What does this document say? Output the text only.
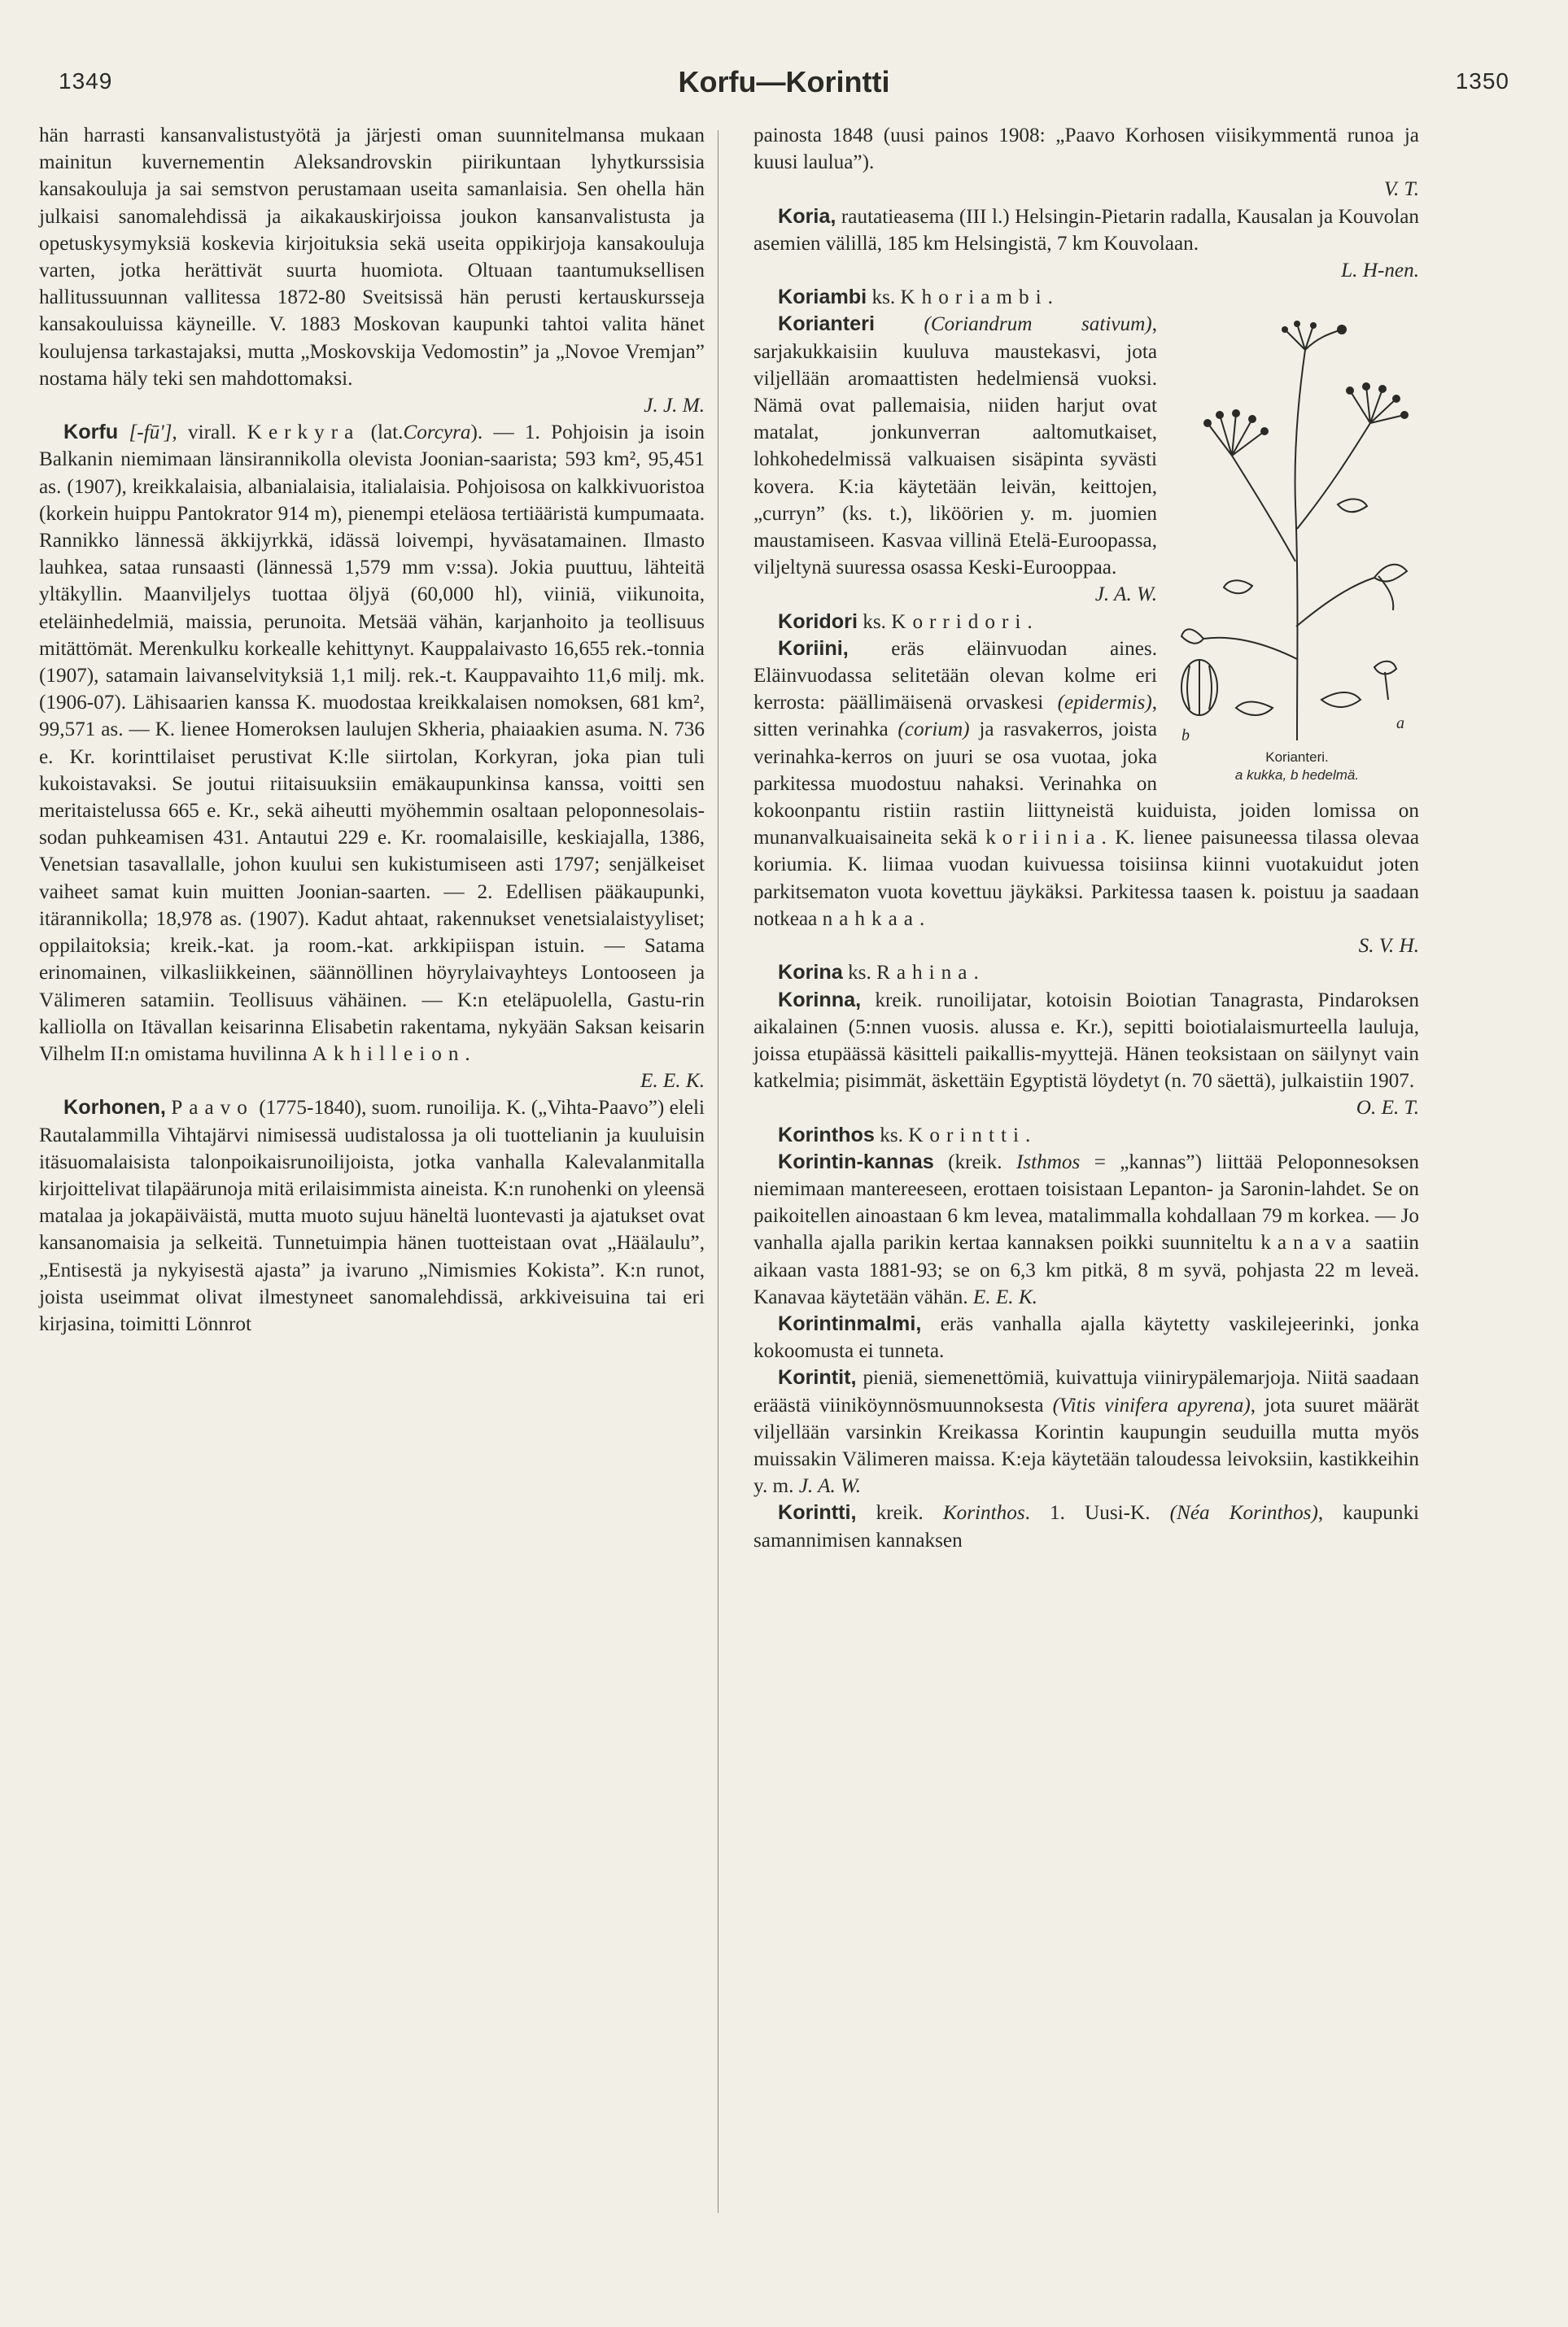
1349	Korfu—Korintti	1350

hän harrasti kansanvalistustyötä ja järjesti oman suunnitelmansa mukaan mainitun kuvernementin Aleksandrovskin piirikuntaan lyhytkurssisia kansakouluja ja sai semstvon perustamaan useita samanlaisia. Sen ohella hän julkaisi sanomalehdissä ja aikakauskirjoissa joukon kansanvalistusta ja opetuskysymyksiä koskevia kirjoituksia sekä useita oppikirjoja kansakouluja varten, jotka herättivät suurta huomiota. Oltuaan taantumuksellisen hallitussuunnan vallitessa 1872-80 Sveitsissä hän perusti kertauskursseja kansakouluissa käyneille. V. 1883 Moskovan kaupunki tahtoi valita hänet koulujensa tarkastajaksi, mutta „Moskovskija Vedomostin” ja „Novoe Vremjan” nostama häly teki sen mahdottomaksi.

J. J. M.

Korfu [-fū'], virall. Kerkyra (lat.Corcyra). — 1. Pohjoisin ja isoin Balkanin niemimaan länsirannikolla olevista Joonian-saarista; 593 km², 95,451 as. (1907), kreikkalaisia, albanialaisia, italialaisia. Pohjoisosa on kalkkivuoristoa (korkein huippu Pantokrator 914 m), pienempi eteläosa tertiääristä kumpumaata. Rannikko lännessä äkkijyrkkä, idässä loivempi, hyväsatamainen. Ilmasto lauhkea, sataa runsaasti (lännessä 1,579 mm v:ssa). Jokia puuttuu, lähteitä yltäkyllin. Maanviljelys tuottaa öljyä (60,000 hl), viiniä, viikunoita, eteläinhedelmiä, maissia, perunoita. Metsää vähän, karjanhoito ja teollisuus mitättömät. Merenkulku korkealle kehittynyt. Kauppalaivasto 16,655 rek.-tonnia (1907), satamain laivanselvityksiä 1,1 milj. rek.-t. Kauppavaihto 11,6 milj. mk. (1906-07). Lähisaarien kanssa K. muodostaa kreikkalaisen nomoksen, 681 km², 99,571 as. — K. lienee Homeroksen laulujen Skheria, phaiaakien asuma. N. 736 e. Kr. korinttilaiset perustivat K:lle siirtolan, Korkyran, joka pian tuli kukoistavaksi. Se joutui riitaisuuksiin emäkaupunkinsa kanssa, voitti sen meritaistelussa 665 e. Kr., sekä aiheutti myöhemmin osaltaan peloponnesolais-sodan puhkeamisen 431. Antautui 229 e. Kr. roomalaisille, keskiajalla, 1386, Venetsian tasavallalle, johon kuului sen kukistumiseen asti 1797; senjälkeiset vaiheet samat kuin muitten Joonian-saarten. — 2. Edellisen pääkaupunki, itärannikolla; 18,978 as. (1907). Kadut ahtaat, rakennukset venetsialaistyyliset; oppilaitoksia; kreik.-kat. ja room.-kat. arkkipiispan istuin. — Satama erinomainen, vilkasliikkeinen, säännöllinen höyrylaivayhteys Lontooseen ja Välimeren satamiin. Teollisuus vähäinen. — K:n eteläpuolella, Gastu-rin kalliolla on Itävallan keisarinna Elisabetin rakentama, nykyään Saksan keisarin Vilhelm II:n omistama huvilinna Akhilleion.

E. E. K.

Korhonen, Paavo (1775-1840), suom. runoilija. K. („Vihta-Paavo”) eleli Rautalammilla Vihtajärvi nimisessä uudistalossa ja oli tuottelianin ja kuuluisin itäsuomalaisista talonpoikaisrunoilijoista, jotka vanhalla Kalevalanmitalla kirjoittelivat tilapäärunoja mitä erilaisimmista aineista. K:n runohenki on yleensä matalaa ja jokapäiväistä, mutta muoto sujuu häneltä luontevasti ja ajatukset ovat kansanomaisia ja selkeitä. Tunnetuimpia hänen tuotteistaan ovat „Häälaulu”, „Entisestä ja nykyisestä ajasta” ja ivaruno „Nimismies Kokista”. K:n runot, joista useimmat olivat ilmestyneet sanomalehdissä, arkkiveisuina tai eri kirjasina, toimitti Lönnrot

painosta 1848 (uusi painos 1908: „Paavo Korhosen viisikymmentä runoa ja kuusi laulua”).

V. T.

Koria, rautatieasema (III l.) Helsingin-Pietarin radalla, Kausalan ja Kouvolan asemien välillä, 185 km Helsingistä, 7 km Kouvolaan.

L. H-nen.

Koriambi ks. Khoriambi.

b
a
Korianteri.
a kukka, b hedelmä.

Korianteri (Coriandrum sativum), sarjakukkaisiin kuuluva maustekasvi, jota viljellään aromaattisten hedelmiensä vuoksi. Nämä ovat pallemaisia, niiden harjut ovat matalat, jonkunverran aaltomutkaiset, lohkohedelmissä valkuaisen sisäpinta syvästi kovera. K:ia käytetään leivän, keittojen, „curryn” (ks. t.), liköörien y. m. juomien maustamiseen. Kasvaa villinä Etelä-Euroopassa, viljeltynä suuressa osassa Keski-Eurooppaa.

J. A. W.

Koridori ks. Korridori.

Koriini, eräs eläinvuodan aines. Eläinvuodassa selitetään olevan kolme eri kerrosta: päällimäisenä orvaskesi (epidermis), sitten verinahka (corium) ja rasvakerros, joista verinahka-kerros on juuri se osa vuotaa, joka parkitessa muodostuu nahaksi. Verinahka on kokoonpantu ristiin rastiin liittyneistä kuiduista, joiden lomissa on munanvalkuaisaineita sekä koriinia. K. lienee paisuneessa tilassa olevaa koriumia. K. liimaa vuodan kuivuessa toisiinsa kiinni vuotakuidut joten parkitsematon vuota kovettuu jäykäksi. Parkitessa taasen k. poistuu ja saadaan notkeaa nahkaa.

S. V. H.

Korina ks. Rahina.

Korinna, kreik. runoilijatar, kotoisin Boiotian Tanagrasta, Pindaroksen aikalainen (5:nnen vuosis. alussa e. Kr.), sepitti boiotialaismurteella lauluja, joissa etupäässä käsitteli paikallis-myyttejä. Hänen teoksistaan on säilynyt vain katkelmia; pisimmät, äskettäin Egyptistä löydetyt (n. 70 säettä), julkaistiin 1907.

O. E. T.

Korinthos ks. Korintti.

Korintin-kannas (kreik. Isthmos = „kannas”) liittää Peloponnesoksen niemimaan mantereeseen, erottaen toisistaan Lepanton- ja Saronin-lahdet. Se on paikoitellen ainoastaan 6 km levea, matalimmalla kohdallaan 79 m korkea. — Jo vanhalla ajalla parikin kertaa kannaksen poikki suunniteltu kanava saatiin aikaan vasta 1881-93; se on 6,3 km pitkä, 8 m syvä, pohjasta 22 m leveä. Kanavaa käytetään vähän. E. E. K.

Korintinmalmi, eräs vanhalla ajalla käytetty vaskilejeerinki, jonka kokoomusta ei tunneta.

Korintit, pieniä, siemenettömiä, kuivattuja viinirypälemarjoja. Niitä saadaan eräästä viiniköynnösmuunnoksesta (Vitis vinifera apyrena), jota suuret määrät viljellään varsinkin Kreikassa Korintin kaupungin seuduilla mutta myös muissakin Välimeren maissa. K:eja käytetään taloudessa leivoksiin, kastikkeihin y. m. J. A. W.

Korintti, kreik. Korinthos. 1. Uusi-K. (Néa Korinthos), kaupunki samannimisen kannaksen
